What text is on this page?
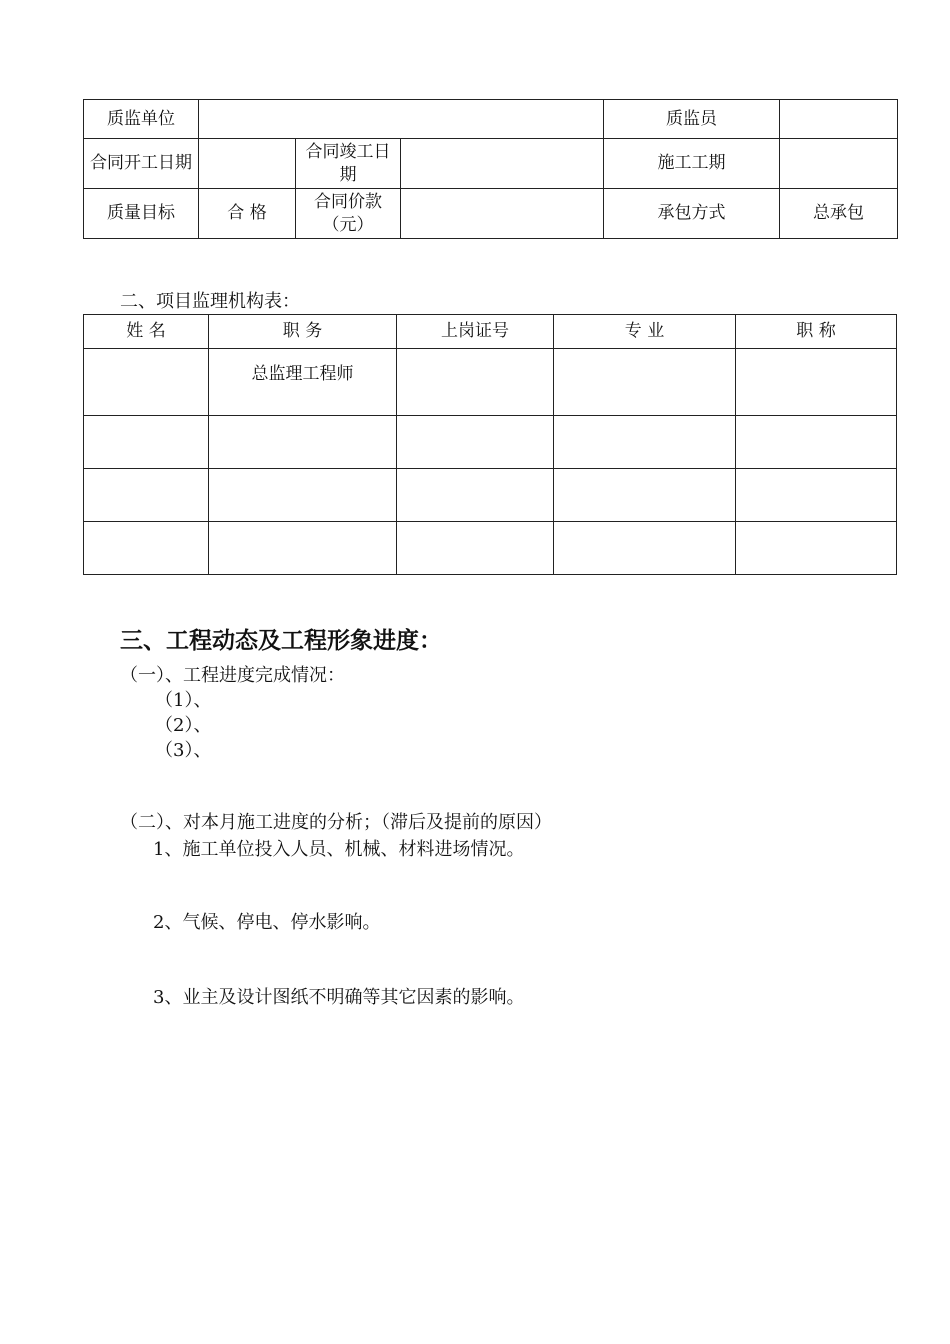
质监单位				质监员	
合同开工日期		合同竣工日期		施工工期	
质量目标	合 格	合同价款（元）		承包方式	总承包
二、项目监理机构表：
姓 名	职 务	上岗证号	专 业	职 称
	总监理工程师			

三、工程动态及工程形象进度：
（一）、工程进度完成情况：
（1）、
（2）、
（3）、
（二）、对本月施工进度的分析；（滞后及提前的原因）
1、施工单位投入人员、机械、材料进场情况。
2、气候、停电、停水影响。
3、业主及设计图纸不明确等其它因素的影响。
